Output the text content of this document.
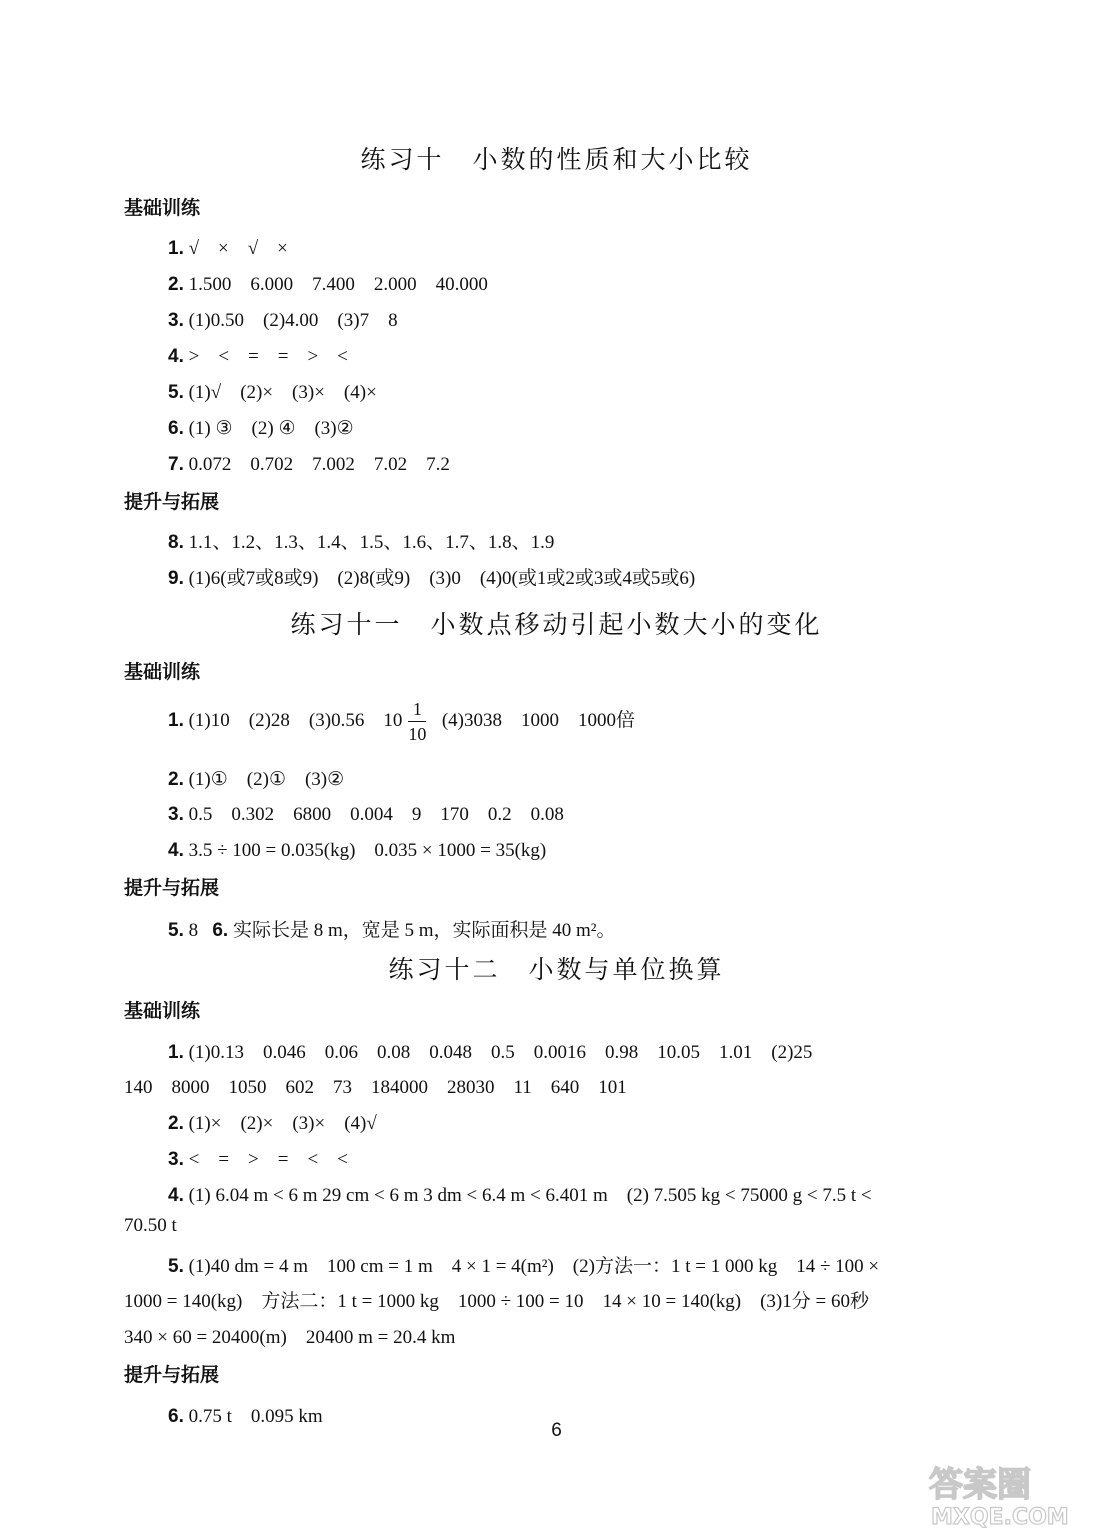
练习十　小数的性质和大小比较
基础训练
1. √　×　√　×
2. 1.500　6.000　7.400　2.000　40.000
3. (1)0.50　(2)4.00　(3)7　8
4. >　<　=　=　>　<
5. (1)√　(2)×　(3)×　(4)×
6. (1) ③　(2) ④　(3)②
7. 0.072　0.702　7.002　7.02　7.2
提升与拓展
8. 1.1、1.2、1.3、1.4、1.5、1.6、1.7、1.8、1.9
9. (1)6(或7或8或9)　(2)8(或9)　(3)0　(4)0(或1或2或3或4或5或6)
练习十一　小数点移动引起小数大小的变化
基础训练
1. (1)10　(2)28　(3)0.56　$10 \frac{1}{10} (4)3038$　1000　1000倍
2. (1)①　(2)①　(3)②
3. 0.5　0.302　6800　0.004　9　170　0.2　0.08
4. 3.5 ÷ 100 = 0.035(kg)　0.035 × 1000 = 35(kg)
提升与拓展
5. 8 6. 实际长是 8 m，宽是 5 m，实际面积是 40 m²。
练习十二　小数与单位换算
基础训练
1. (1)0.13　0.046　0.06　0.08　0.048　0.5　0.0016　0.98　10.05　1.01　(2)25
140　8000　1050　602　73　184000　28030　11　640　101
2. (1)×　(2)×　(3)×　(4)√
3. <　=　>　=　<　<
4. (1) 6.04 m < 6 m 29 cm < 6 m 3 dm < 6.4 m < 6.401 m　(2) 7.505 kg < 75000 g < 7.5 t <
70.50 t
5. (1)40 dm = 4 m　100 cm = 1 m　4 × 1 = 4(m²)　(2)方法一：1 t = 1 000 kg　14 ÷ 100 ×
1000 = 140(kg)　方法二：1 t = 1000 kg　1000 ÷ 100 = 10　14 × 10 = 140(kg)　(3)1分 = 60秒
340 × 60 = 20400(m)　20400 m = 20.4 km
提升与拓展
6. 0.75 t　0.095 km
6
答案圈
MXQE.COM
